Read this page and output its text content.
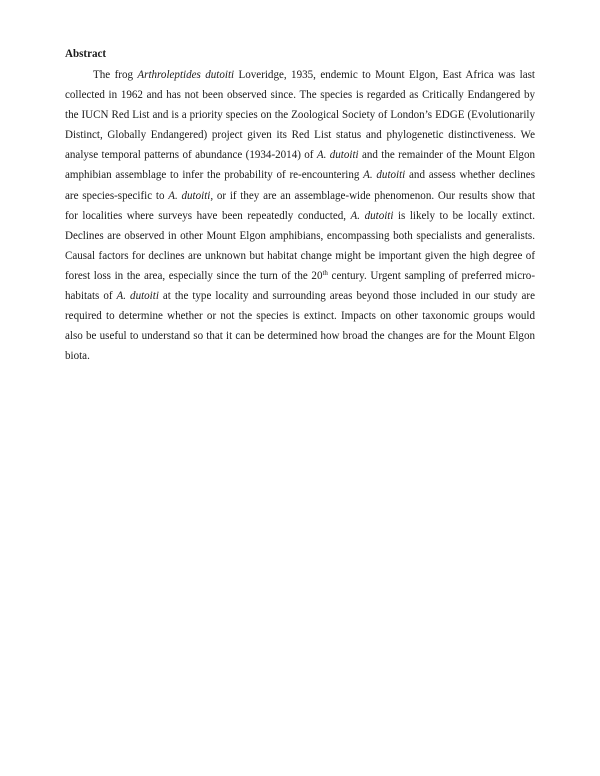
Abstract

The frog Arthroleptides dutoiti Loveridge, 1935, endemic to Mount Elgon, East Africa was last collected in 1962 and has not been observed since. The species is regarded as Critically Endangered by the IUCN Red List and is a priority species on the Zoological Society of London’s EDGE (Evolutionarily Distinct, Globally Endangered) project given its Red List status and phylogenetic distinctiveness. We analyse temporal patterns of abundance (1934-2014) of A. dutoiti and the remainder of the Mount Elgon amphibian assemblage to infer the probability of re-encountering A. dutoiti and assess whether declines are species-specific to A. dutoiti, or if they are an assemblage-wide phenomenon. Our results show that for localities where surveys have been repeatedly conducted, A. dutoiti is likely to be locally extinct. Declines are observed in other Mount Elgon amphibians, encompassing both specialists and generalists. Causal factors for declines are unknown but habitat change might be important given the high degree of forest loss in the area, especially since the turn of the 20th century. Urgent sampling of preferred micro-habitats of A. dutoiti at the type locality and surrounding areas beyond those included in our study are required to determine whether or not the species is extinct. Impacts on other taxonomic groups would also be useful to understand so that it can be determined how broad the changes are for the Mount Elgon biota.
